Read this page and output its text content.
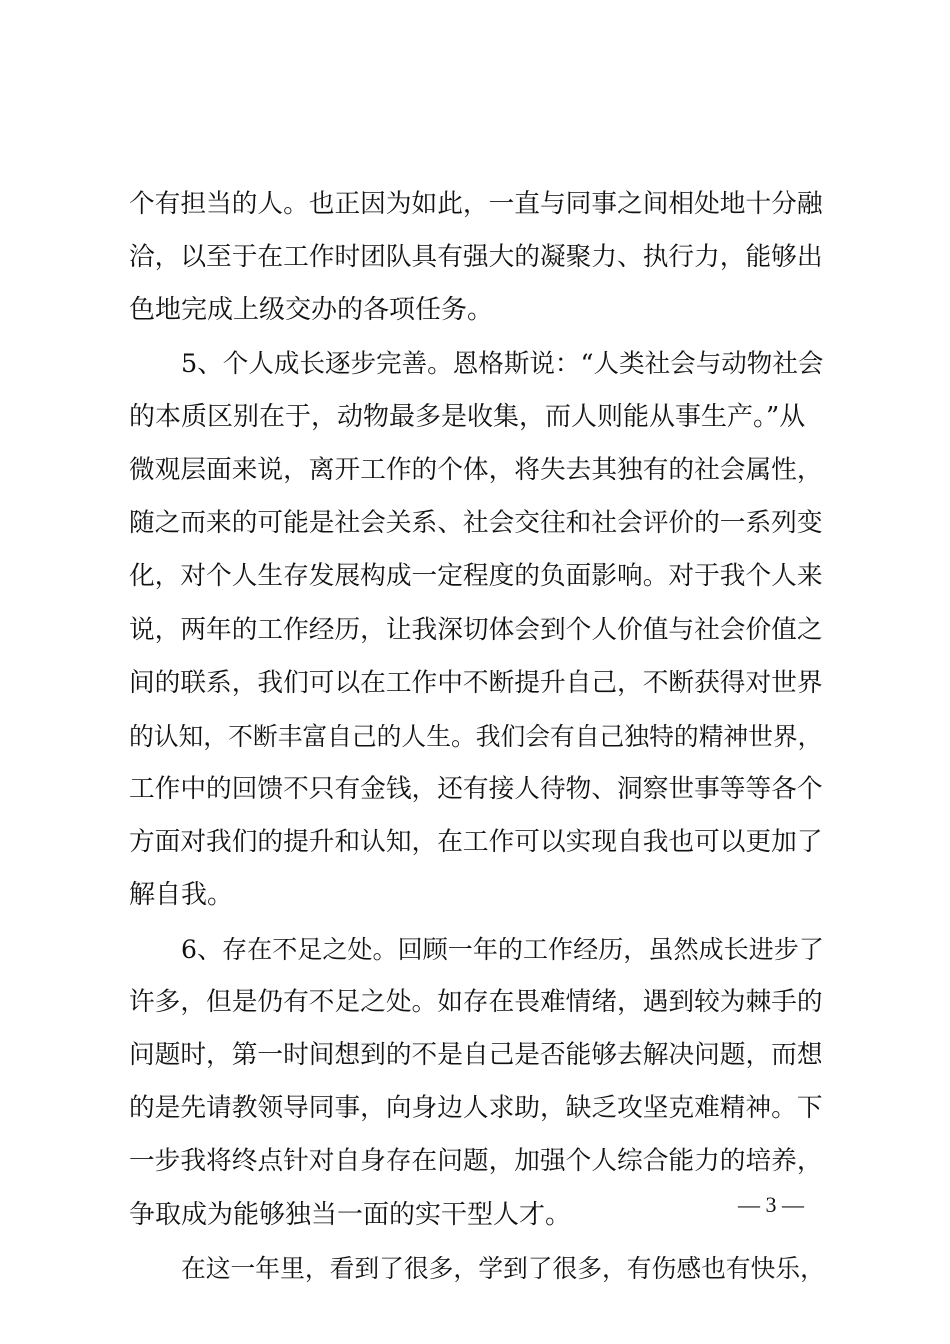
个有担当的人。也正因为如此，一直与同事之间相处地十分融
洽，以至于在工作时团队具有强大的凝聚力、执行力，能够出
色地完成上级交办的各项任务。
5、个人成长逐步完善。恩格斯说：“人类社会与动物社会
的本质区别在于，动物最多是收集，而人则能从事生产。”从
微观层面来说，离开工作的个体，将失去其独有的社会属性，
随之而来的可能是社会关系、社会交往和社会评价的一系列变
化，对个人生存发展构成一定程度的负面影响。对于我个人来
说，两年的工作经历，让我深切体会到个人价值与社会价值之
间的联系，我们可以在工作中不断提升自己，不断获得对世界
的认知，不断丰富自己的人生。我们会有自己独特的精神世界，
工作中的回馈不只有金钱，还有接人待物、洞察世事等等各个
方面对我们的提升和认知，在工作可以实现自我也可以更加了
解自我。
6、存在不足之处。回顾一年的工作经历，虽然成长进步了
许多，但是仍有不足之处。如存在畏难情绪，遇到较为棘手的
问题时，第一时间想到的不是自己是否能够去解决问题，而想
的是先请教领导同事，向身边人求助，缺乏攻坚克难精神。下
一步我将终点针对自身存在问题，加强个人综合能力的培养，
争取成为能够独当一面的实干型人才。
在这一年里，看到了很多，学到了很多，有伤感也有快乐，
— 3 —
